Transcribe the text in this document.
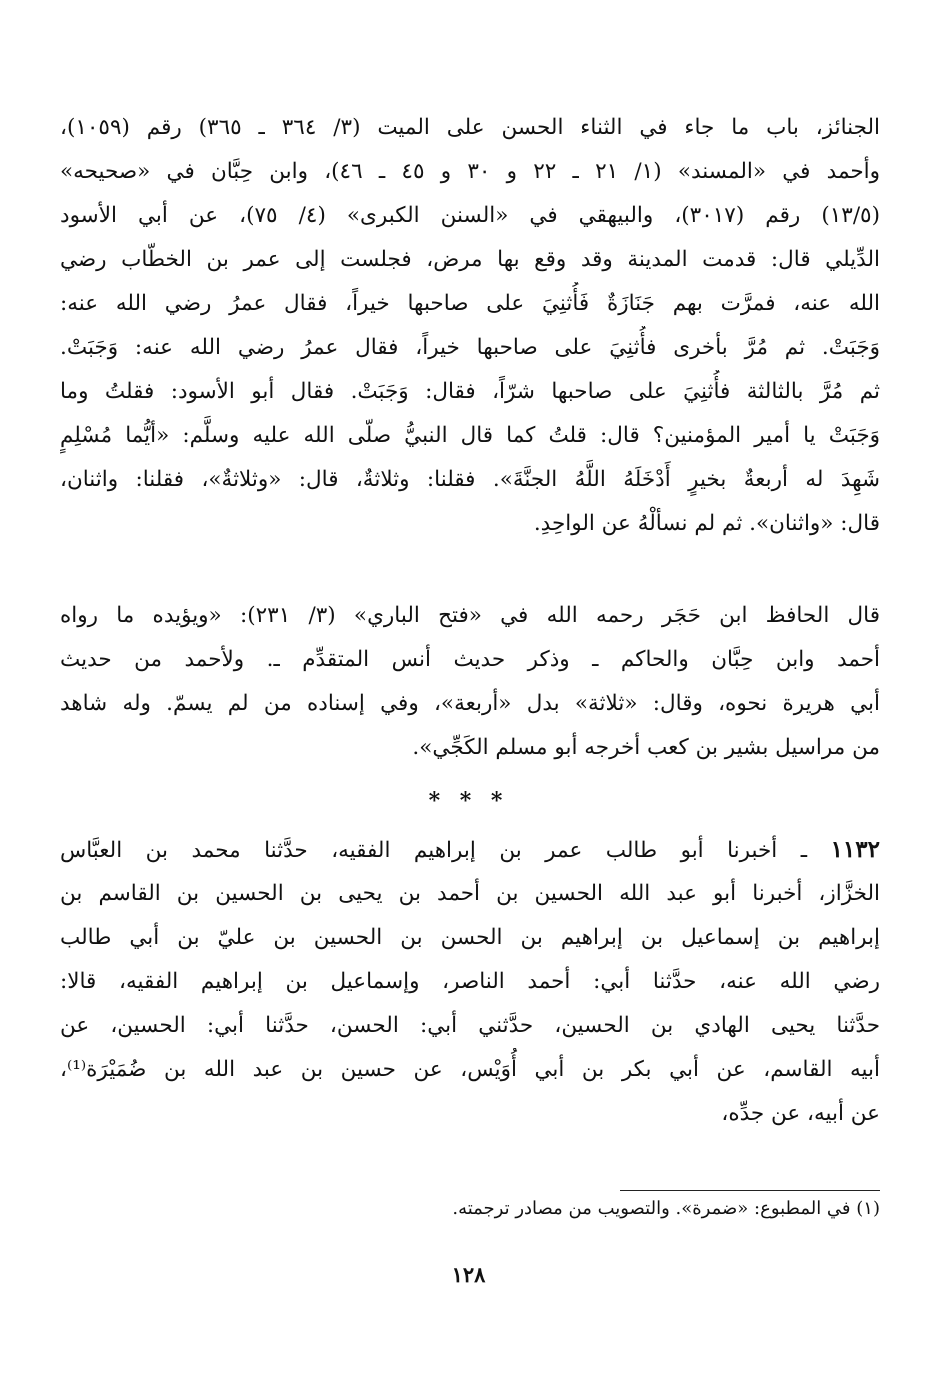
الجنائز، باب ما جاء في الثناء الحسن على الميت (٣/ ٣٦٤ ـ ٣٦٥) رقم (١٠٥٩)،
وأحمد في «المسند» (١/ ٢١ ـ ٢٢ و ٣٠ و ٤٥ ـ ٤٦)، وابن حِبَّان في «صحيحه»
(١٣/٥) رقم (٣٠١٧)، والبيهقي في «السنن الكبرى» (٤/ ٧٥)، عن أبي الأسود
الدِّيلي قال: قدمت المدينة وقد وقع بها مرض، فجلست إلى عمر بن الخطّاب رضي
الله عنه، فمرَّت بهم جَنَازَةٌ فَأُثنِيَ على صاحبها خيراً، فقال عمرُ رضي الله عنه:
وَجَبَتْ. ثم مُرَّ بأخرى فأُثنِيَ على صاحبها خيراً، فقال عمرُ رضي الله عنه: وَجَبَتْ.
ثم مُرَّ بالثالثة فأُثنِيَ على صاحبها شرّاً، فقال: وَجَبَتْ. فقال أبو الأسود: فقلتُ وما
وَجَبَتْ يا أمير المؤمنين؟ قال: قلتُ كما قال النبيُّ صلّى الله عليه وسلَّم: «أيُّما مُسْلِمٍ
شَهِدَ له أربعةٌ بخيرٍ أَدْخَلَهُ اللَّهُ الجنَّةَ». فقلنا: وثلاثةٌ، قال: «وثلاثةٌ»، فقلنا: واثنان،
قال: «واثنان». ثم لم نسألْهُ عن الواحِدِ.
قال الحافظ ابن حَجَر رحمه الله في «فتح الباري» (٣/ ٢٣١): «ويؤيده ما رواه
أحمد وابن حِبَّان والحاكم ـ وذكر حديث أنس المتقدِّم ـ. ولأحمد من حديث
أبي هريرة نحوه، وقال: «ثلاثة» بدل «أربعة»، وفي إسناده من لم يسمّ. وله شاهد
من مراسيل بشير بن كعب أخرجه أبو مسلم الكَجِّي».
* * *
١١٣٢ ـ أخبرنا أبو طالب عمر بن إبراهيم الفقيه، حدَّثنا محمد بن العبَّاس
الخزَّاز، أخبرنا أبو عبد الله الحسين بن أحمد بن يحيى بن الحسين بن القاسم بن
إبراهيم بن إسماعيل بن إبراهيم بن الحسن بن الحسين بن عليّ بن أبي طالب
رضي الله عنه، حدَّثنا أبي: أحمد الناصر، وإسماعيل بن إبراهيم الفقيه، قالا:
حدَّثنا يحيى الهادي بن الحسين، حدَّثني أبي: الحسن، حدَّثنا أبي: الحسين، عن
أبيه القاسم، عن أبي بكر بن أبي أُوَيْس، عن حسين بن عبد الله بن ضُمَيْرَة⁽¹⁾،
عن أبيه، عن جدِّه،
(١) في المطبوع: «ضمرة». والتصويب من مصادر ترجمته.
١٢٨
